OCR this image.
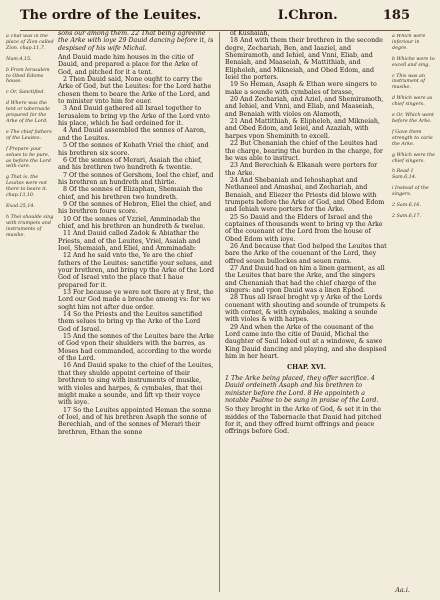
The ordre of the Leuites.	I.Chron.	185

a That was in the place of Zion called Zion. chap.11,7.

Num.4,15.

b From Ierusalem to Obed Edoms house.

c Or, Sanctified.

d Where was the tent or tabernacle prepared for the Arke of the Lord.

e The chief fathers of the Leuites.

f Prepare your selues to be pure, as before the Lord with care.

g That is, the Leuites were not there to beare it. chap.13,10.

Exod.25,14.

h Thei shoulde sing with trumpets and instruments of musike.

sons our among them. 22 That being agreeine the Arke with ioye 29 Dauid dancing before it, is despised of his wife Michal.

And Dauid made him houses in the citie of Dauid, and prepared a place for the Arke of God, and pitched for it a tent.

2 Then Dauid said, None ought to carry the Arke of God, but the Leuites: for the Lord hathe chosen them to beare the Arke of the Lord, and to minister vnto him for euer.

3 And Dauid gathered all Israel together to Ierusalem to bring vp the Arke of the Lord vnto his place, which he had ordeined for it.

4 And Dauid assembled the sonnes of Aaron, and the Leuites.

5 Of the sonnes of Kohath Vriel the chief, and his brethren six score.

6 Of the sonnes of Merari, Asaiah the chief, and his brethren two hundreth & twentie.

7 Of the sonnes of Gershom, Ioel the chief, and his brethren an hundreth and thirtie.

8 Of the sonnes of Elizaphan, Shemaiah the chief, and his brethren two hundreth.

9 Of the sonnes of Hebron, Eliel the chief, and his brethren foure score.

10 Of the sonnes of Vzziel, Amminadab the chief, and his brethren an hundreth & twelue.

11 And Dauid called Zadok & Abiathar the Priests, and of the Leuites, Vriel, Asaiah and Ioel, Shemaiah, and Eliel, and Amminadab:

12 And he said vnto the, Ye are the chief fathers of the Leuites: sanctifie your selues, and your brethren, and bring vp the Arke of the Lord God of Israel vnto the place that I haue prepared for it.

13 For because ye were not there at y first, the Lord our God made a breache among vs: for we soght him not after due order.

14 So the Priests and the Leuites sanctified them selues to bring vp the Arke of the Lord God of Israel.

15 And the sonnes of the Leuites bare the Arke of God vpon their shulders with the barres, as Moses had commanded, according to the worde of the Lord.

16 And Dauid spake to the chief of the Leuites, that they shulde appoint certeine of their brethren to sing with instruments of musike, with violes and harpes, & cymbales, that thei might make a sounde, and lift vp their voyce with ioye.

17 So the Leuites appointed Heman the sonne of Ioel, and of his brethren Asaph the sonne of Berechiah, and of the sonnes of Merari their brethren, Ethan the sonne

of Kushaiah,

18 And with them their brethren in the seconde degre, Zechariah, Ben, and Iaaziel, and Shemiramoth, and Iehiel, and Vnni, Eliab, and Benaiah, and Maaseiah, & Mattithiah, and Elipheleh, and Mikneiah, and Obed Edom, and Ieiel the porters.

19 So Heman, Asaph & Ethan were singers to make a sounde with cymbales of brasse,

20 And Zechariah, and Aziel, and Shemiramoth, and Iehiel, and Vnni, and Eliab, and Maaseiah, and Benaiah with violes on Alamoth,

21 And Mattithiah, & Elipheleh, and Mikneiah, and Obed Edom, and Ieiel, and Azaziah, with harpes vpon Sheminith to excell.

22 But Chenaniah the chief of the Leuites had the charge, bearing the burden in the charge, for he was able to instruct.

23 And Berechiah & Elkanah were porters for the Arke.

24 And Shebaniah and Iehoshaphat and Nethaneel and Amashai, and Zechariah, and Benaiah, and Eliezer the Priests did blowe with trumpets before the Arke of God, and Obed Edom and Iehiah were porters for the Arke.

25 So Dauid and the Elders of Israel and the captaines of thousands went to bring vp the Arke of the couenant of the Lord from the house of Obed Edom with ioye.

26 And because that God helped the Leuites that bare the Arke of the couenant of the Lord, they offred seuen bullockes and seuen rams.

27 And Dauid had on him a linen garment, as all the Leuites that bare the Arke, and the singers and Chenaniah that had the chief charge of the singers: and vpon Dauid was a linen Ephod.

28 Thus all Israel broght vp y Arke of the Lords couenant with shouting and sounde of trumpets & with cornet, & with cymbales, making a sounde with violes & with harpes.

29 And when the Arke of the couenant of the Lord came into the citie of Dauid, Michal the daughter of Saul loked out at a windowe, & sawe King Dauid dancing and playing, and she despised him in her heart.

CHAP. XVI.

1 The Arke being placed, they offer sacrifice. 4 Dauid ordeineth Asaph and his brethren to minister before the Lord. 8 He appointeth a notable Psalme to be sung in praise of the Lord.

So they broght in the Arke of God, & set it in the middes of the Tabernacle that Dauid had pitched for it, and they offred burnt offrings and peace offrings before God.

a Which were inferiour in degre.

b Whiche were to excell and sing.

c This was an instrument of musike.

d Which were as chief singers.

e Or, Which went before the Arke.

f Gave them strength to carie the Arke.

g Which were the chief singers.

h Read 1 Sam.6,14.

i Instead of the singers.

2 Sam.6,16.

2 Sam.6,17.

Aa.i.
